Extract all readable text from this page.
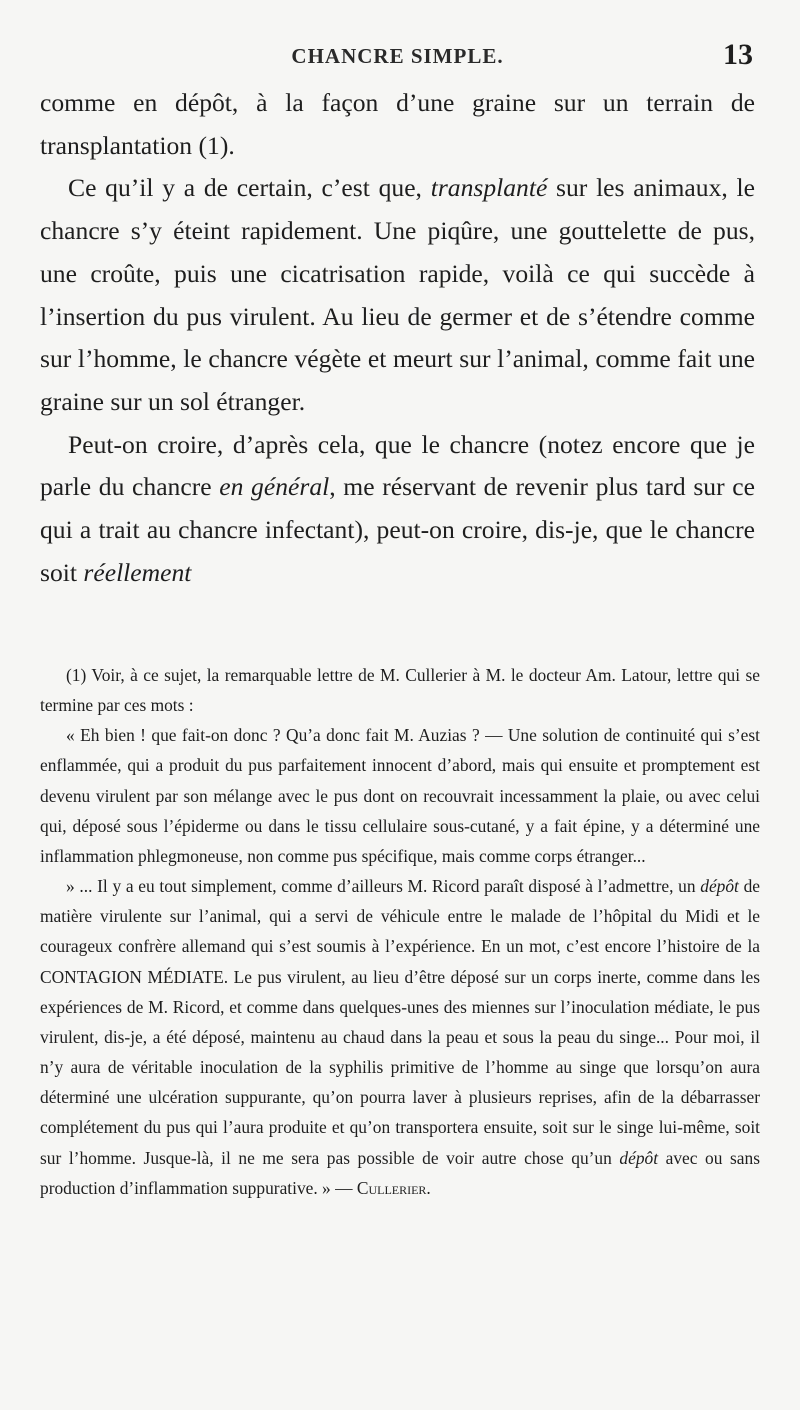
CHANCRE SIMPLE.	13

comme en dépôt, à la façon d’une graine sur un terrain de transplantation (1).

Ce qu’il y a de certain, c’est que, transplanté sur les animaux, le chancre s’y éteint rapidement. Une piqûre, une gouttelette de pus, une croûte, puis une cicatrisation rapide, voilà ce qui succède à l’insertion du pus virulent. Au lieu de germer et de s’étendre comme sur l’homme, le chancre végète et meurt sur l’animal, comme fait une graine sur un sol étranger.

Peut-on croire, d’après cela, que le chancre (notez encore que je parle du chancre en général, me réservant de revenir plus tard sur ce qui a trait au chancre infectant), peut-on croire, dis-je, que le chancre soit réellement

(1) Voir, à ce sujet, la remarquable lettre de M. Cullerier à M. le docteur Am. Latour, lettre qui se termine par ces mots :

« Eh bien ! que fait-on donc ? Qu’a donc fait M. Auzias ? — Une solution de continuité qui s’est enflammée, qui a produit du pus parfaitement innocent d’abord, mais qui ensuite et promptement est devenu virulent par son mélange avec le pus dont on recouvrait incessamment la plaie, ou avec celui qui, déposé sous l’épiderme ou dans le tissu cellulaire sous-cutané, y a fait épine, y a déterminé une inflammation phlegmoneuse, non comme pus spécifique, mais comme corps étranger...

» ... Il y a eu tout simplement, comme d’ailleurs M. Ricord paraît disposé à l’admettre, un dépôt de matière virulente sur l’animal, qui a servi de véhicule entre le malade de l’hôpital du Midi et le courageux confrère allemand qui s’est soumis à l’expérience. En un mot, c’est encore l’histoire de la CONTAGION MÉDIATE. Le pus virulent, au lieu d’être déposé sur un corps inerte, comme dans les expériences de M. Ricord, et comme dans quelques-unes des miennes sur l’inoculation médiate, le pus virulent, dis-je, a été déposé, maintenu au chaud dans la peau et sous la peau du singe... Pour moi, il n’y aura de véritable inoculation de la syphilis primitive de l’homme au singe que lorsqu’on aura déterminé une ulcération suppurante, qu’on pourra laver à plusieurs reprises, afin de la débarrasser complétement du pus qui l’aura produite et qu’on transportera ensuite, soit sur le singe lui-même, soit sur l’homme. Jusque-là, il ne me sera pas possible de voir autre chose qu’un dépôt avec ou sans production d’inflammation suppurative. » — Cullerier.
